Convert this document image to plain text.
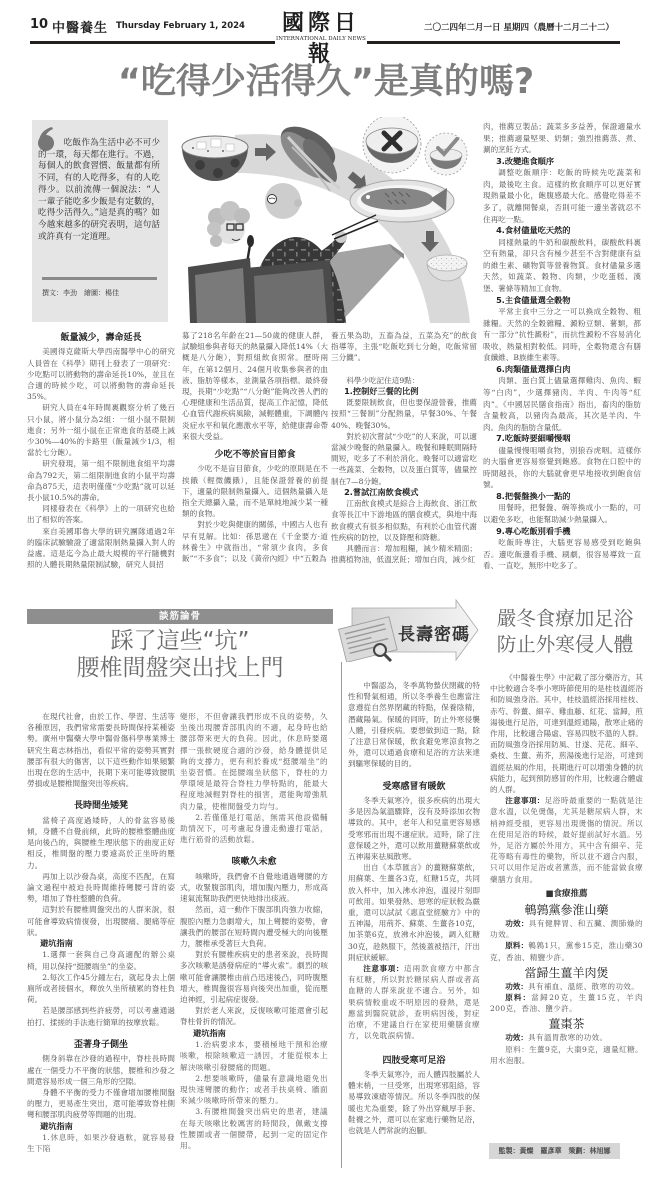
10 中醫養生 Thursday February 1, 2024	國際日報
INTERNATIONAL DAILY NEWS
二〇二四年二月一日 星期四（農曆十二月二十二）
“吃得少活得久”是真的嗎?
吃飯作為生活中必不可少的一環，每天都在進行。不過，每個人的飲食習慣、飯量都有所不同，有的人吃得多，有的人吃得少。以前流傳一個說法：“人一輩子能吃多少飯是有定數的，吃得少活得久。”這是真的嗎？如今越來越多的研究表明，這句話或許真有一定道理。
撰文：李劲　繪圖：楊佳
飯量減少，壽命延長

美國得克薩斯大學西南醫學中心的研究人員曾在《科學》期刊上發表了一項研究：少吃點可以將動物的壽命延長10%，並且在合適的時候少吃，可以將動物的壽命延長35%。

研究人員在4年時間裏觀察分析了幾百只小鼠，將小鼠分為2組：一組小鼠不限制進食；另外一組小鼠在正常進食的基礎上減少30%—40%的卡路里（飯量減少1/3，相當於七分飽）。

研究發現，第一組不限制進食組平均壽命為792天，第二組限制進食的小鼠平均壽命為875天，這表明僅僅“少吃點”就可以延長小鼠10.5%的壽命。

同樣發表在《科學》上的一項研究也給出了相似的答案。

來自美國耶魯大學的研究團隊通過2年的臨床試驗驗證了適當限制熱量攝入對人的益處。這是迄今為止最大規模的平行隨機對照的人體長期熱量限制試驗，研究人員招

募了218名年齡在21—50歲的健康人群，試驗組參與者每天的熱量攝入降低14%（大概是八分飽），對照組飲食照常。歷時兩年，在第12個月、24個月收集參與者的血液、脂肪等樣本，並測量各項指標。最終發現，長期“少吃點”“八分飽”能夠改善人們的心理健康和生活品質，提高工作記憶，降低心血管代謝疾病風險，減輕體重，下調體內炎症水平和氧化應激水平等，給健康壽命帶來很大受益。

少吃不等於盲目節食

少吃不是盲目節食，少吃的原則是在不挨餓（輕微饑餓），且能保證營養的前提下，適量的限制熱量攝入。這個熱量攝入是指全天總攝入量，而不是單純地減少某一種類的食物。

對於少吃與健康的關係，中國古人也有早有見解。比如：孫思邈在《千金要方·道林養生》中就指出，“常須少食肉，多食飯”“不多食”；以及《黃帝內經》中“五穀為

養五果為助，五畜為益，五菜為充”的飲食指導等，主張“吃飯吃到七分飽，吃飯常留三分饑”。

科學少吃記住這9點：

1.控制好三餐的比例

既要限制飲食，但也要保證營養，推薦按照“三餐制”分配熱量，早餐30%、午餐40%、晚餐30%。

對於初次嘗試“少吃”的人來說，可以適當減少晚餐的熱量攝入。晚餐和睡眠間隔時間短，吃多了不利於消化。晚餐可以適當吃一些蔬菜、全穀物，以及蛋白質等，儘量控制在7—8分飽。

2.嘗試江南飲食模式

江南飲食模式是綜合上海飲食、浙江飲食等長江中下游地區的膳食模式，與地中海飲食模式有很多相似點，有利於心血管代謝性疾病的防控，以及降壓和降糖。

具體而言：增加粗糧，減少精米精面；推薦植物油，低溫烹飪；增加白肉，減少紅

肉，推薦豆製品；蔬菜多多益善，保證適量水果；推薦適量堅果、奶類；強烈推薦蒸、煮、涮的烹飪方式。

3.改變進食順序

調整吃飯順序：吃飯的時候先吃蔬菜和肉，最後吃主食。這樣的飲食順序可以更好實現熱量最小化，飽腹感最大化。感覺吃得差不多了，就離開餐桌，否則可能一邊坐著就忍不住再吃一點。

4.食材儘量吃天然的

同樣熱量的牛奶和碳酸飲料，碳酸飲料裏空有熱量，卻只含有極少甚至不含對健康有益的維生素、礦物質等營養物質。食材儘量多選天然，如蔬菜、穀物、肉類，少吃蛋糕、漢堡、薯條等精加工食物。

5.主食儘量選全穀物

平常主食中三分之一可以換成全穀物、粗雜糧。天然的全穀雜糧、澱粉豆類、薯類，都有一部分“抗性澱粉”，而抗性澱粉不容易消化吸收，熱量相對較低。同時，全穀物還含有膳食纖維、B族維生素等。

6.肉類儘量選擇白肉

肉類、蛋白質上儘量選擇雞肉、魚肉、蝦等“白肉”，少選擇豬肉、羊肉、牛肉等“紅肉”。《中國居民膳食指南》指出，畜肉的脂肪含量較高，以豬肉為最高，其次是羊肉、牛肉。魚肉的脂肪含量低。

7.吃飯時要細嚼慢咽

儘量慢慢咀嚼食物，別狼吞虎咽。這樣你的大腦會更容易察覺到飽感。食物在口腔中的時間越長，你的大腦就會更早地接收到飽食信號。

8.把餐盤換小一點的

用餐時，把餐盤、碗等換成小一點的，可以避免多吃，也能幫助減少熱量攝入。

9.專心吃飯別看手機

吃飯時專注，大腦更容易感受到吃飽與否。邊吃飯邊看手機、刷劇，很容易導致一直看、一直吃，無形中吃多了。

談筋論骨
踩了這些“坑”
腰椎間盤突出找上門

在現代社會，由於工作、學習、生活等各種原因，我們常常需要長時間保持某種姿勢。廣州中醫藥大學中醫骨傷科學專業博士研究生葛志林指出，看似平常的姿勢其實對腰部有很大的傷害，以下這些動作如果頻繁出現在您的生活中，長期下來可能導致腰肌勞損或是腰椎間盤突出等疾病。

長時間坐矮凳

當椅子高度過矮時，人的骨盆容易後傾，身體不自覺前傾，此時的腰椎整體曲度是向後凸的，與腰椎生理狀態下的曲度正好相反，椎間盤的壓力要遠高於正坐時的壓力。

再加上以沙發為桌，高度不匹配，在寫論文過程中被迫長時間維持彎腰弓背的姿勢，增加了脊柱整體的負荷。

這對於有腰椎間盤突出的人群來說，很可能會導致病情復發，出現腰痛、腿痛等症狀。

避坑指南

1.選擇一套與自己身高適配的辦公桌椅，用以保持“挺腰端坐”的坐姿。

2.每次工作45分鐘左右，就起身去上個廁所或者接個水，釋放久坐所積累的脊柱負荷。

若是腰部感到些許疲勞，可以考慮通過拍打、揉搓的手法進行簡單的按摩放鬆。

歪著身子側坐

側身斜靠在沙發的過程中，脊柱長時間處在一個受力不平衡的狀態，腰椎和沙發之間還容易形成一個三角形的空隙。

身體不平衡的受力不僅會增加腰椎間盤的壓力，更易產生突出，還可能導致脊柱側彎和腰部肌肉疲勞等問題的出現。

避坑指南

1.休息時，如果沙發過軟，就容易發生下陷

變形，不但會讓我們形成不良的姿勢，久坐後出現腰背部肌肉的不適，起身時也給腰部帶來更大的負荷。因此，休息時要選擇一張軟硬度合適的沙發，給身體提供足夠的支撐力，更有利於養成“挺腰端坐”的坐姿習慣。在挺腰端坐狀態下，脊柱的力學環境是最符合脊柱力學特點的，能最大程度地減輕對脊柱的損害，還能夠增強肌肉力量，使椎間盤受力均勻。

2.若僅僅是打電話，無需其他設備輔助情況下，可考慮起身邊走動邊打電話，進行筋骨的活動放鬆。

咳嗽久未愈

咳嗽時，我們會不自覺地通過彎腰的方式，收緊腹部肌肉，增加腹內壓力，形成高速氣流幫助我們更快地排出痰液。

然而，這一動作下腹部肌肉強力收縮，腹腔內壓力急劇增大，加上彎腰的姿勢，會讓我們的腰部在短時間內遭受極大的向後壓力，腰椎承受著巨大負荷。

對於有腰椎疾病史的患者來說，長時間多次咳嗽是誘發病症的“導火索”。劇烈的咳嗽可能會讓腰椎由前凸迅速後凸，同時腹壓增大，椎間盤很容易向後突出加重，從而壓迫神經，引起病症復發。

對於老人來說，反復咳嗽可能還會引起脊柱骨折的情況。

避坑指南

1.治病要求本，要積極地干預和治療咳嗽，根除咳嗽這一誘因，才能從根本上解決咳嗽引發腰痛的問題。

2.想要咳嗽時，儘量有意識地避免出現快速彎腰的動作；或者手扶桌椅、牆面來減少咳嗽時所帶來的壓力。

3.有腰椎間盤突出病史的患者，建議在每天咳嗽比較厲害的時間段，佩戴支撐性腰圍或者一個腰帶，起到一定的固定作用。

長壽密碼

中醫認為，冬季萬物蟄伏閉藏的特性和腎氣相通，所以冬季養生也應當注意遵從自然界閉藏的特點，保養陰精，潛藏陽氣。保暖的同時，防止外寒侵襲人體，引發疾病。要想做到這一點，除了注意日常保暖，飲食避免寒涼食物之外，還可以通過食療和足浴的方法來達到驅寒保暖的目的。

受寒感冒有暖飲

冬季天氣寒冷，很多疾病的出現大多是因為氣溫驟降，沒有及時添加衣物導致的。其中，老年人和兒童更容易感受寒邪而出現不適症狀。這時，除了注意保暖之外，還可以飲用薑糖蘇葉飲或五神湯來祛風散寒。

出自《本草匯言》的薑糖蘇葉飲，用蘇葉、生薑各3克，紅糖15克，共同放入杯中，加入沸水沖泡，溫浸片刻即可飲用。如果發熱、惡寒的症狀較為嚴重，還可以試試《惠直堂經驗方》中的五神湯，用荊芥、蘇葉、生薑各10克，加茶葉6克，放沸水沖泡後，調入紅糖30克，趁熱服下，然後蓋被捂汗，汗出則症狀緩解。

注意事項：這兩款食療方中都含有紅糖，所以對於糖尿病人群或者高血糖的人群來說並不適合。另外，如果病情較重或不明原因的發熱，還是應當到醫院就診，查明病因後，對症治療，不建議自行在家使用藥膳食療方，以免耽誤病情。

四肢受寒可足浴

冬季天氣寒冷，而人體四肢屬於人體末梢，一旦受寒，出現寒邪阻絡，容易導致凍瘡等情況。所以冬季四肢的保暖也尤為重要，除了外出穿戴厚手套、鞋襪之外，還可以在家進行藥物足浴，也就是人們常說的泡腳。

嚴冬食療加足浴
防止外寒侵人體

《中醫養生學》中記載了部分藥浴方，其中比較適合冬季小寒時節使用的是桂枝溫經浴和防風強身浴。其中，桂枝溫經浴採用桂枝、赤芍、幹薑、細辛、雞血藤、紅花、當歸，煎湯後進行足浴，可達到溫經通陽，散寒止痛的作用，比較適合陽虛、容易四肢不溫的人群。而防風強身浴採用防風、甘遂、芫花、細辛、桑枝、生薑、荊芥，煎湯後進行足浴，可達到溫經祛風的作用，長期進行可以增強身體的抗病能力，起到預防感冒的作用，比較適合體虛的人群。

注意事項：足浴時最重要的一點就是注意水溫，以免燙傷，尤其是糖尿病人群，末梢神經受損，更容易出現燙傷的情況。所以在使用足浴的時候，最好提前試好水溫。另外，足浴方屬於外用方，其中含有細辛、芫花等略有毒性的藥物，所以並不適合內服，只可以用作足浴或者薰蒸，而不能當做食療藥膳方食用。

■食療推薦

鵪鶉黨參淮山藥

功效：具有健脾胃、和五臟、潤肺燥的功效。

原料：鵪鶉1只，黨參15克，淮山藥30克，香油、精鹽少許。

當歸生薑羊肉煲

功效：具有補血、溫經、散寒的功效。

原料：當歸20克，生薑15克，羊肉200克，香油、鹽少許。

薑棗茶

功效：具有溫胃散寒的功效。

原料：生薑9克，大棗9克，適量紅糖。用水泡服。

監製：黃燦　羅彥華　策劃：林旭娜
